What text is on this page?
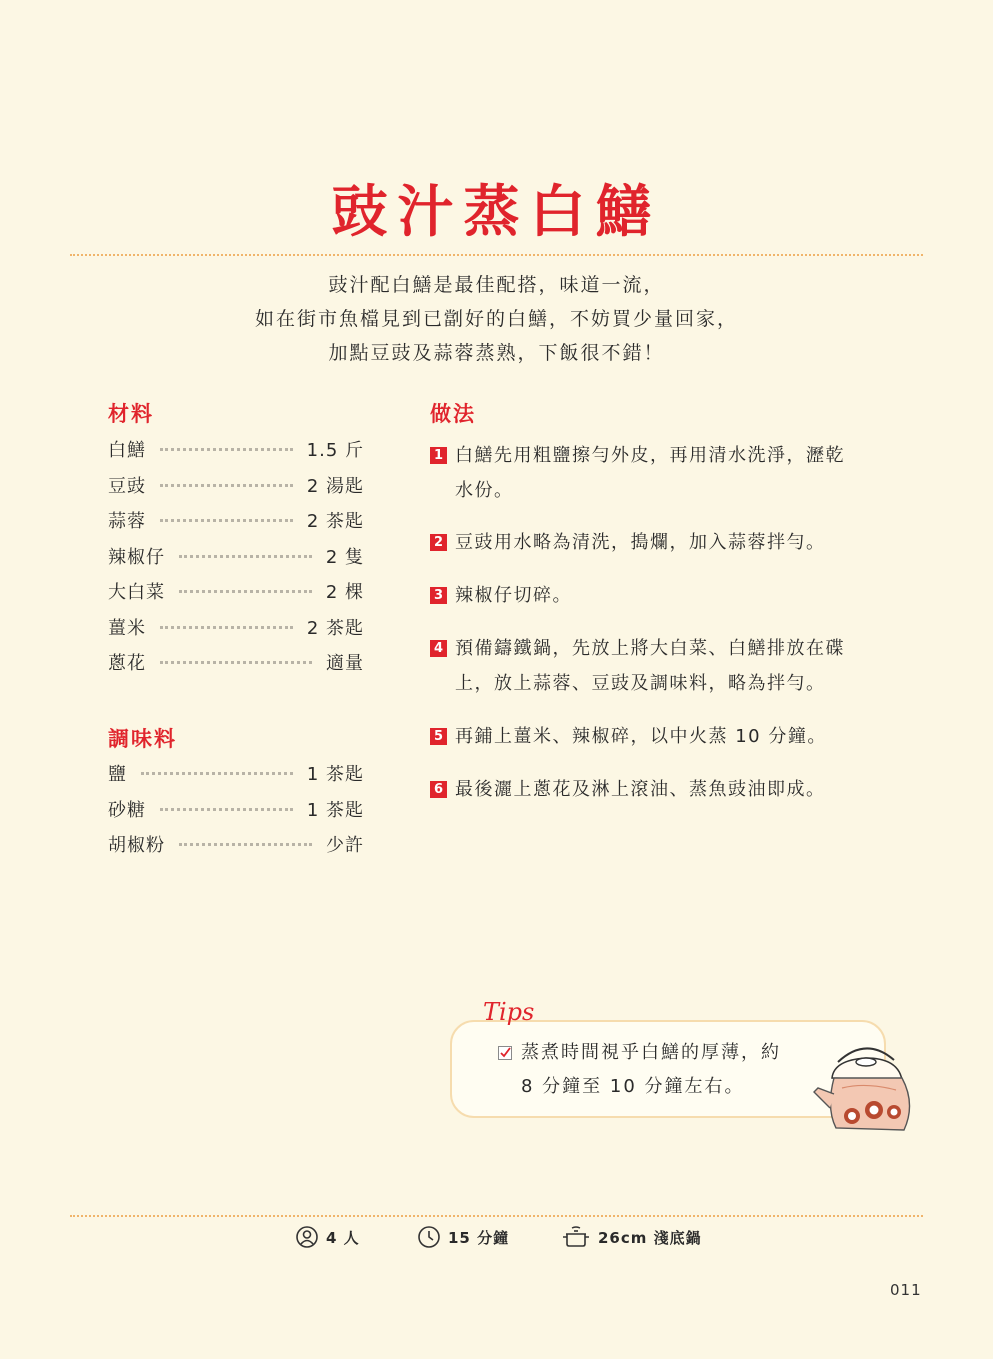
豉汁蒸白鱔
豉汁配白鱔是最佳配搭，味道一流，
如在街市魚檔見到已劏好的白鱔，不妨買少量回家，
加點豆豉及蒜蓉蒸熟，下飯很不錯！
材料
白鱔	1.5 斤
豆豉	2 湯匙
蒜蓉	2 茶匙
辣椒仔	2 隻
大白菜	2 棵
薑米	2 茶匙
蔥花	適量
調味料
鹽	1 茶匙
砂糖	1 茶匙
胡椒粉	少許
做法
1 白鱔先用粗鹽擦勻外皮，再用清水洗淨，瀝乾
水份。
2 豆豉用水略為清洗，搗爛，加入蒜蓉拌勻。
3 辣椒仔切碎。
4 預備鑄鐵鍋，先放上將大白菜、白鱔排放在碟
上，放上蒜蓉、豆豉及調味料，略為拌勻。
5 再鋪上薑米、辣椒碎，以中火蒸 10 分鐘。
6 最後灑上蔥花及淋上滾油、蒸魚豉油即成。
Tips
蒸煮時間視乎白鱔的厚薄，約
8 分鐘至 10 分鐘左右。
4 人	15 分鐘	26cm 淺底鍋
011
